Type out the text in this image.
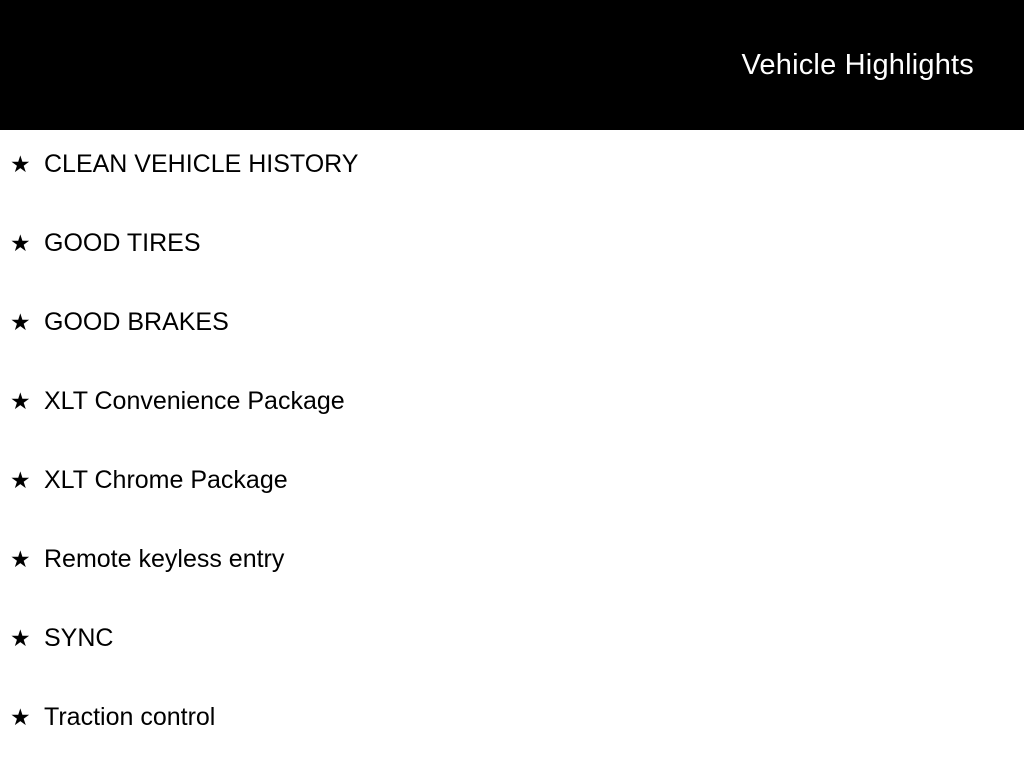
Vehicle Highlights
★ CLEAN VEHICLE HISTORY
★ GOOD TIRES
★ GOOD BRAKES
★ XLT Convenience Package
★ XLT Chrome Package
★ Remote keyless entry
★ SYNC
★ Traction control
